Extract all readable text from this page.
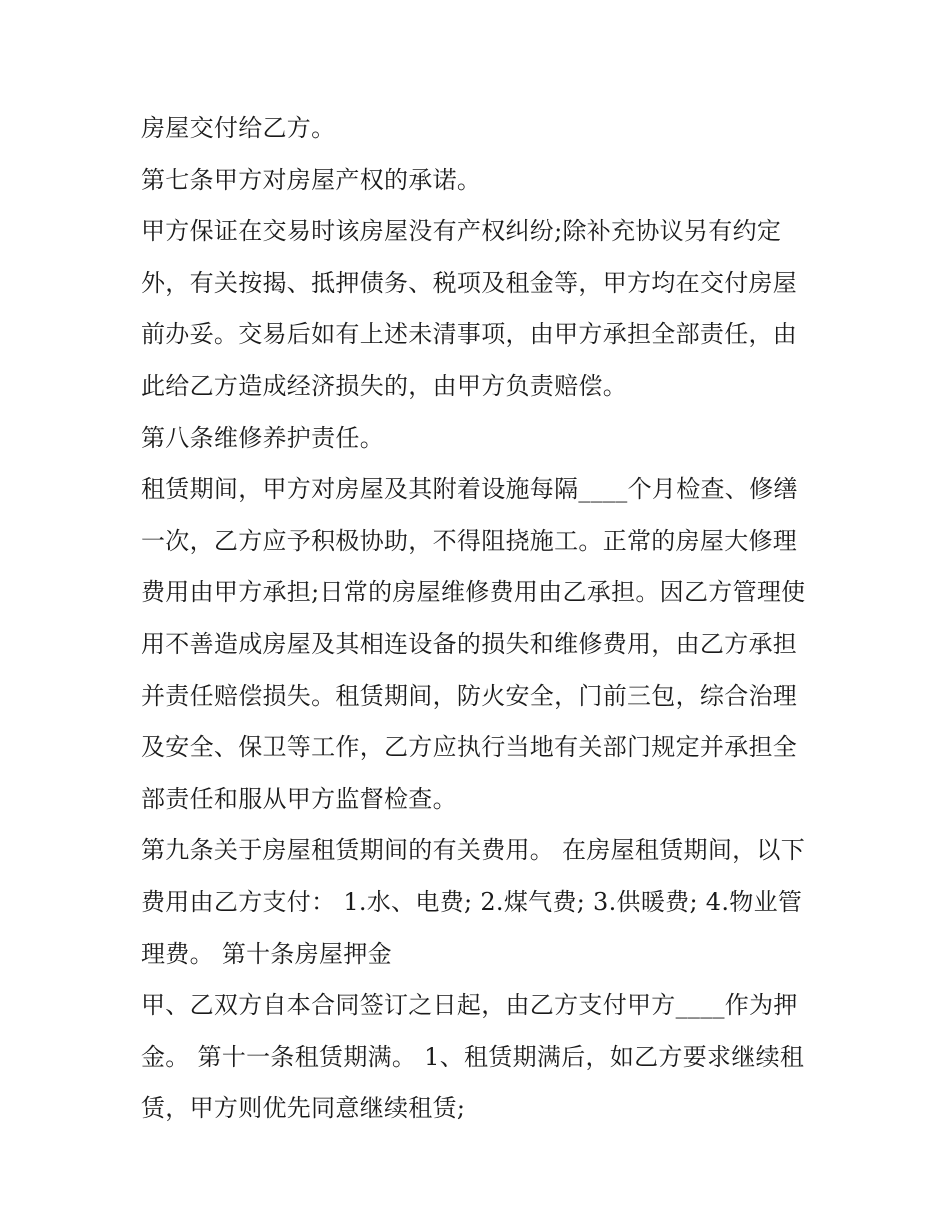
房屋交付给乙方。

第七条甲方对房屋产权的承诺。

甲方保证在交易时该房屋没有产权纠纷;除补充协议另有约定外，有关按揭、抵押债务、税项及租金等，甲方均在交付房屋前办妥。交易后如有上述未清事项，由甲方承担全部责任，由此给乙方造成经济损失的，由甲方负责赔偿。

第八条维修养护责任。

租赁期间，甲方对房屋及其附着设施每隔____个月检查、修缮一次，乙方应予积极协助，不得阻挠施工。正常的房屋大修理费用由甲方承担;日常的房屋维修费用由乙承担。因乙方管理使用不善造成房屋及其相连设备的损失和维修费用，由乙方承担并责任赔偿损失。租赁期间，防火安全，门前三包，综合治理及安全、保卫等工作，乙方应执行当地有关部门规定并承担全部责任和服从甲方监督检查。

第九条关于房屋租赁期间的有关费用。 在房屋租赁期间，以下费用由乙方支付： 1.水、电费; 2.煤气费; 3.供暖费; 4.物业管理费。 第十条房屋押金

甲、乙双方自本合同签订之日起，由乙方支付甲方____作为押金。 第十一条租赁期满。 1、租赁期满后，如乙方要求继续租赁，甲方则优先同意继续租赁;
